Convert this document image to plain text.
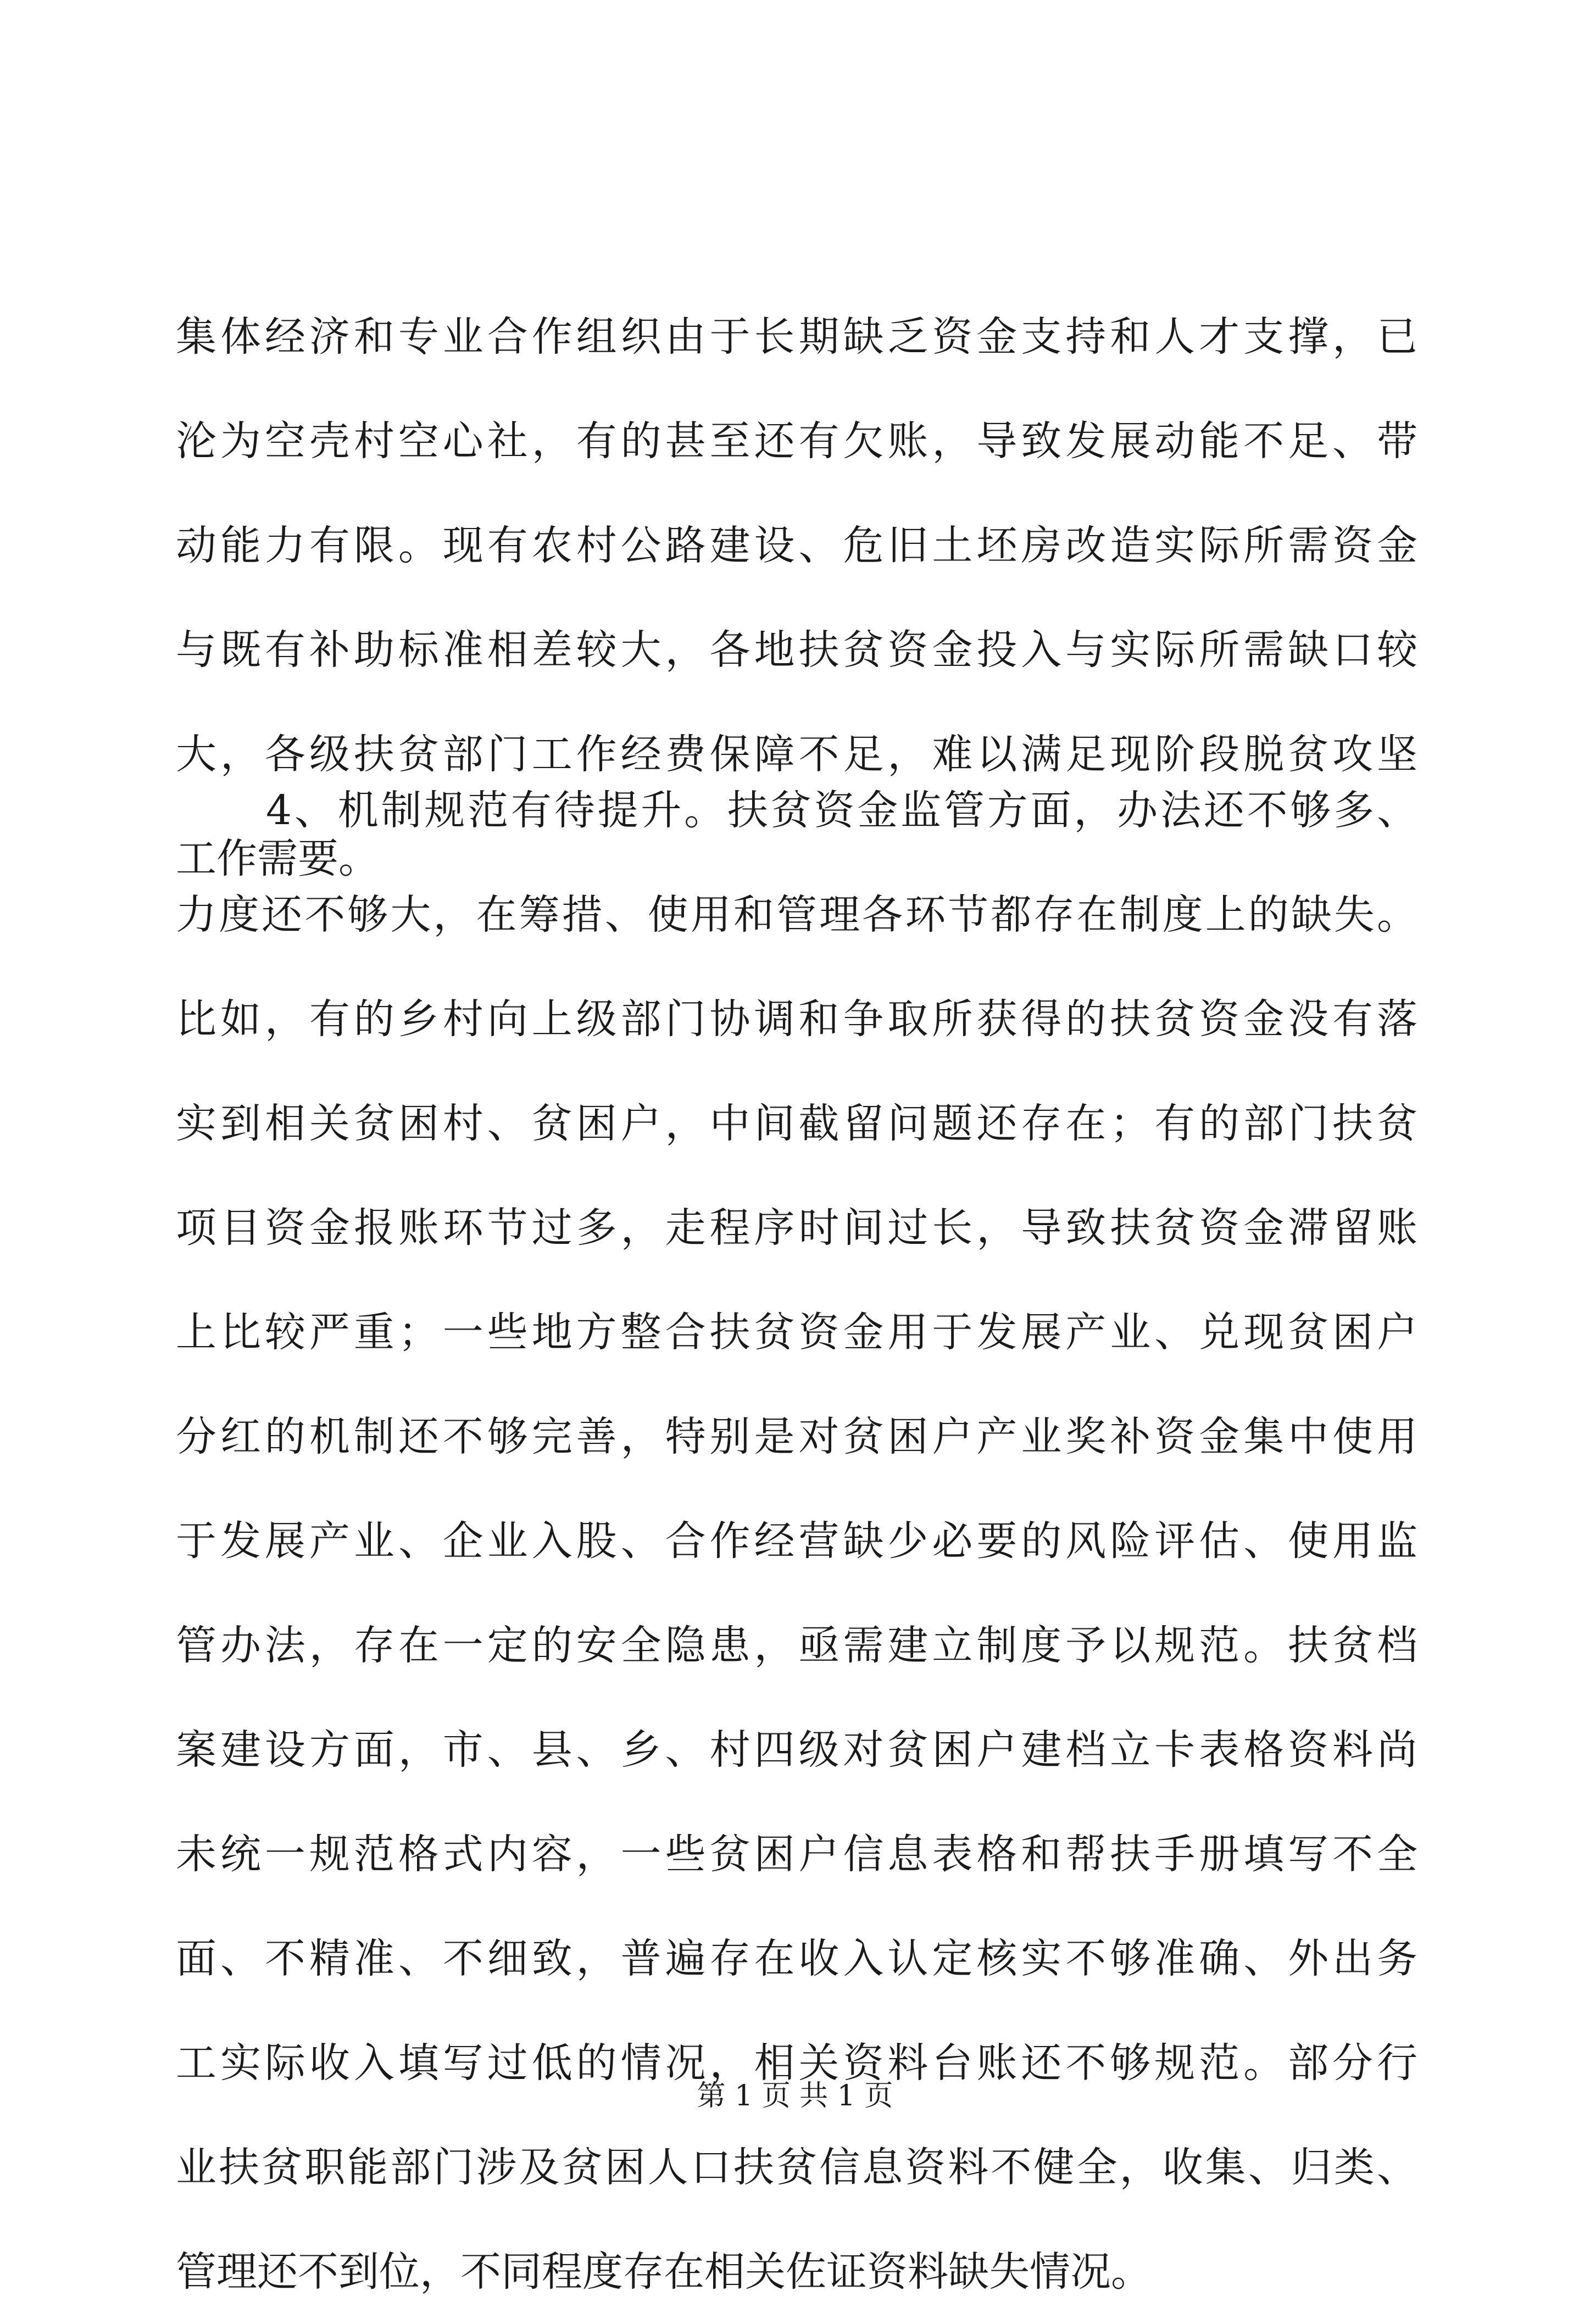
集体经济和专业合作组织由于长期缺乏资金支持和人才支撑，已
沦为空壳村空心社，有的甚至还有欠账，导致发展动能不足、带
动能力有限。现有农村公路建设、危旧土坯房改造实际所需资金
与既有补助标准相差较大，各地扶贫资金投入与实际所需缺口较
大，各级扶贫部门工作经费保障不足，难以满足现阶段脱贫攻坚
工作需要。
4、机制规范有待提升。扶贫资金监管方面，办法还不够多、
力度还不够大，在筹措、使用和管理各环节都存在制度上的缺失。
比如，有的乡村向上级部门协调和争取所获得的扶贫资金没有落
实到相关贫困村、贫困户，中间截留问题还存在；有的部门扶贫
项目资金报账环节过多，走程序时间过长，导致扶贫资金滞留账
上比较严重；一些地方整合扶贫资金用于发展产业、兑现贫困户
分红的机制还不够完善，特别是对贫困户产业奖补资金集中使用
于发展产业、企业入股、合作经营缺少必要的风险评估、使用监
管办法，存在一定的安全隐患，亟需建立制度予以规范。扶贫档
案建设方面，市、县、乡、村四级对贫困户建档立卡表格资料尚
未统一规范格式内容，一些贫困户信息表格和帮扶手册填写不全
面、不精准、不细致，普遍存在收入认定核实不够准确、外出务
工实际收入填写过低的情况，相关资料台账还不够规范。部分行
业扶贫职能部门涉及贫困人口扶贫信息资料不健全，收集、归类、
管理还不到位，不同程度存在相关佐证资料缺失情况。
第 1 页 共 1 页
